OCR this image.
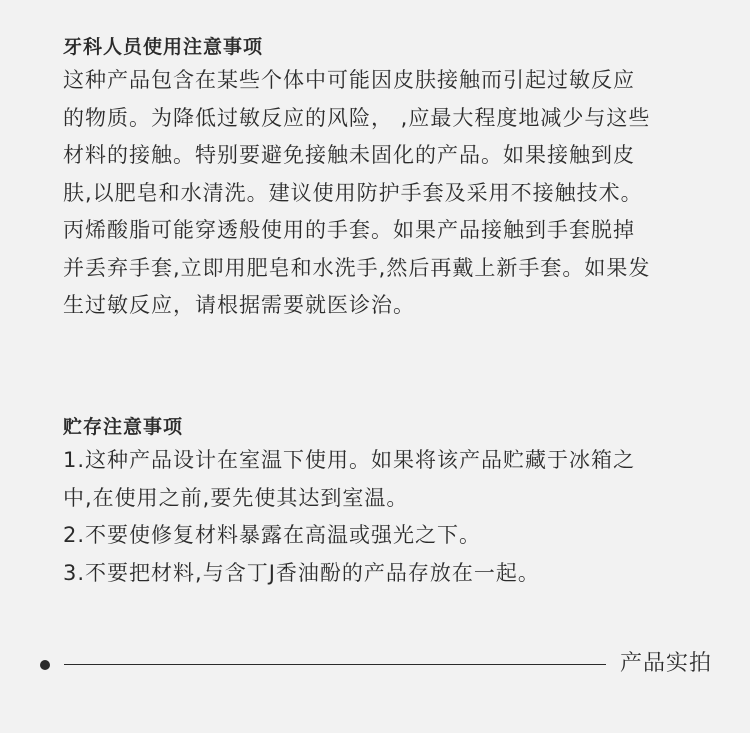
牙科人员使用注意事项
这种产品包含在某些个体中可能因皮肤接触而引起过敏反应
的物质。为降低过敏反应的风险， ,应最大程度地减少与这些
材料的接触。特别要避免接触未固化的产品。如果接触到皮
肤,以肥皂和水清洗。建议使用防护手套及采用不接触技术。
丙烯酸脂可能穿透般使用的手套。如果产品接触到手套脱掉
并丢弃手套,立即用肥皂和水洗手,然后再戴上新手套。如果发
生过敏反应，请根据需要就医诊治。
贮存注意事项
1.这种产品设计在室温下使用。如果将该产品贮藏于冰箱之
中,在使用之前,要先使其达到室温。
2.不要使修复材料暴露在高温或强光之下。
3.不要把材料,与含丁J香油酚的产品存放在一起。
产品实拍
